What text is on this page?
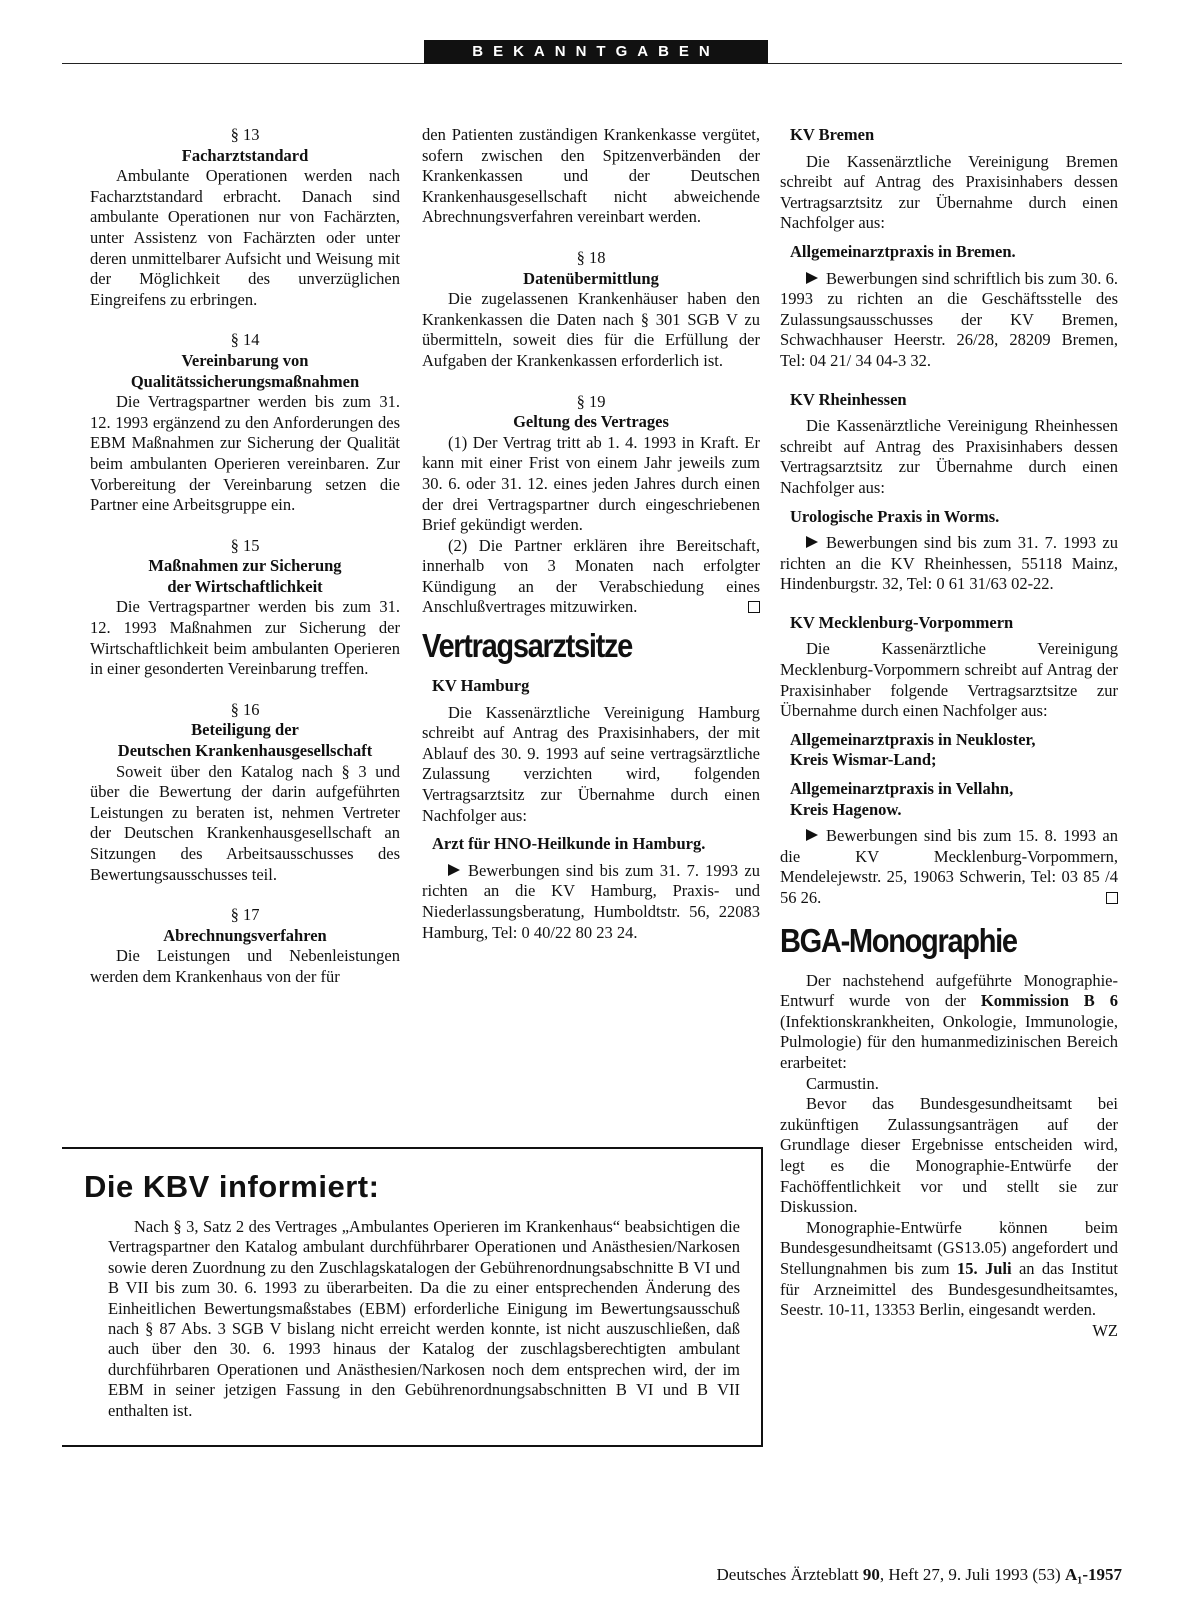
BEKANNTGABEN
§ 13
Facharztstandard

Ambulante Operationen werden nach Facharztstandard erbracht. Danach sind ambulante Operationen nur von Fachärzten, unter Assistenz von Fachärzten oder unter deren unmittelbarer Aufsicht und Weisung mit der Möglichkeit des unverzüglichen Eingreifens zu erbringen.

§ 14
Vereinbarung von
Qualitätssicherungsmaßnahmen

Die Vertragspartner werden bis zum 31. 12. 1993 ergänzend zu den Anforderungen des EBM Maßnahmen zur Sicherung der Qualität beim ambulanten Operieren vereinbaren. Zur Vorbereitung der Vereinbarung setzen die Partner eine Arbeitsgruppe ein.

§ 15
Maßnahmen zur Sicherung
der Wirtschaftlichkeit

Die Vertragspartner werden bis zum 31. 12. 1993 Maßnahmen zur Sicherung der Wirtschaftlichkeit beim ambulanten Operieren in einer gesonderten Vereinbarung treffen.

§ 16
Beteiligung der
Deutschen Krankenhausgesellschaft

Soweit über den Katalog nach § 3 und über die Bewertung der darin aufgeführten Leistungen zu beraten ist, nehmen Vertreter der Deutschen Krankenhausgesellschaft an Sitzungen des Arbeitsausschusses des Bewertungsausschusses teil.

§ 17
Abrechnungsverfahren

Die Leistungen und Nebenleistungen werden dem Krankenhaus von der für

den Patienten zuständigen Krankenkasse vergütet, sofern zwischen den Spitzenverbänden der Krankenkassen und der Deutschen Krankenhausgesellschaft nicht abweichende Abrechnungsverfahren vereinbart werden.

§ 18
Datenübermittlung

Die zugelassenen Krankenhäuser haben den Krankenkassen die Daten nach § 301 SGB V zu übermitteln, soweit dies für die Erfüllung der Aufgaben der Krankenkassen erforderlich ist.

§ 19
Geltung des Vertrages

(1) Der Vertrag tritt ab 1. 4. 1993 in Kraft. Er kann mit einer Frist von einem Jahr jeweils zum 30. 6. oder 31. 12. eines jeden Jahres durch einen der drei Vertragspartner durch eingeschriebenen Brief gekündigt werden.

(2) Die Partner erklären ihre Bereitschaft, innerhalb von 3 Monaten nach erfolgter Kündigung an der Verabschiedung eines Anschlußvertrages mitzuwirken.

Vertragsarztsitze
KV Hamburg

Die Kassenärztliche Vereinigung Hamburg schreibt auf Antrag des Praxisinhabers, der mit Ablauf des 30. 9. 1993 auf seine vertragsärztliche Zulassung verzichten wird, folgenden Vertragsarztsitz zur Übernahme durch einen Nachfolger aus:

Arzt für HNO-Heilkunde in Hamburg.

Bewerbungen sind bis zum 31. 7. 1993 zu richten an die KV Hamburg, Praxis- und Niederlassungsberatung, Humboldtstr. 56, 22083 Hamburg, Tel: 0 40/22 80 23 24.

KV Bremen

Die Kassenärztliche Vereinigung Bremen schreibt auf Antrag des Praxisinhabers dessen Vertragsarztsitz zur Übernahme durch einen Nachfolger aus:

Allgemeinarztpraxis in Bremen.

Bewerbungen sind schriftlich bis zum 30. 6. 1993 zu richten an die Geschäftsstelle des Zulassungsausschusses der KV Bremen, Schwachhauser Heerstr. 26/28, 28209 Bremen, Tel: 04 21/ 34 04-3 32.

KV Rheinhessen

Die Kassenärztliche Vereinigung Rheinhessen schreibt auf Antrag des Praxisinhabers dessen Vertragsarztsitz zur Übernahme durch einen Nachfolger aus:

Urologische Praxis in Worms.

Bewerbungen sind bis zum 31. 7. 1993 zu richten an die KV Rheinhessen, 55118 Mainz, Hindenburgstr. 32, Tel: 0 61 31/63 02-22.

KV Mecklenburg-Vorpommern

Die Kassenärztliche Vereinigung Mecklenburg-Vorpommern schreibt auf Antrag der Praxisinhaber folgende Vertragsarztsitze zur Übernahme durch einen Nachfolger aus:

Allgemeinarztpraxis in Neukloster,
Kreis Wismar-Land;
Allgemeinarztpraxis in Vellahn,
Kreis Hagenow.

Bewerbungen sind bis zum 15. 8. 1993 an die KV Mecklenburg-Vorpommern, Mendelejewstr. 25, 19063 Schwerin, Tel: 03 85 /4 56 26.

BGA-Monographie

Der nachstehend aufgeführte Monographie-Entwurf wurde von der Kommission B 6 (Infektionskrankheiten, Onkologie, Immunologie, Pulmologie) für den humanmedizinischen Bereich erarbeitet:

Carmustin.

Bevor das Bundesgesundheitsamt bei zukünftigen Zulassungsanträgen auf der Grundlage dieser Ergebnisse entscheiden wird, legt es die Monographie-Entwürfe der Fachöffentlichkeit vor und stellt sie zur Diskussion.

Monographie-Entwürfe können beim Bundesgesundheitsamt (GS13.05) angefordert und Stellungnahmen bis zum 15. Juli an das Institut für Arzneimittel des Bundesgesundheitsamtes, Seestr. 10-11, 13353 Berlin, eingesandt werden.
WZ

Die KBV informiert:
Nach § 3, Satz 2 des Vertrages „Ambulantes Operieren im Krankenhaus“ beabsichtigen die Vertragspartner den Katalog ambulant durchführbarer Operationen und Anästhesien/Narkosen sowie deren Zuordnung zu den Zuschlagskatalogen der Gebührenordnungsabschnitte B VI und B VII bis zum 30. 6. 1993 zu überarbeiten. Da die zu einer entsprechenden Änderung des Einheitlichen Bewertungsmaßstabes (EBM) erforderliche Einigung im Bewertungsausschuß nach § 87 Abs. 3 SGB V bislang nicht erreicht werden konnte, ist nicht auszuschließen, daß auch über den 30. 6. 1993 hinaus der Katalog der zuschlagsberechtigten ambulant durchführbaren Operationen und Anästhesien/Narkosen noch dem entsprechen wird, der im EBM in seiner jetzigen Fassung in den Gebührenordnungsabschnitten B VI und B VII enthalten ist.
Deutsches Ärzteblatt 90, Heft 27, 9. Juli 1993 (53) A₁-1957
